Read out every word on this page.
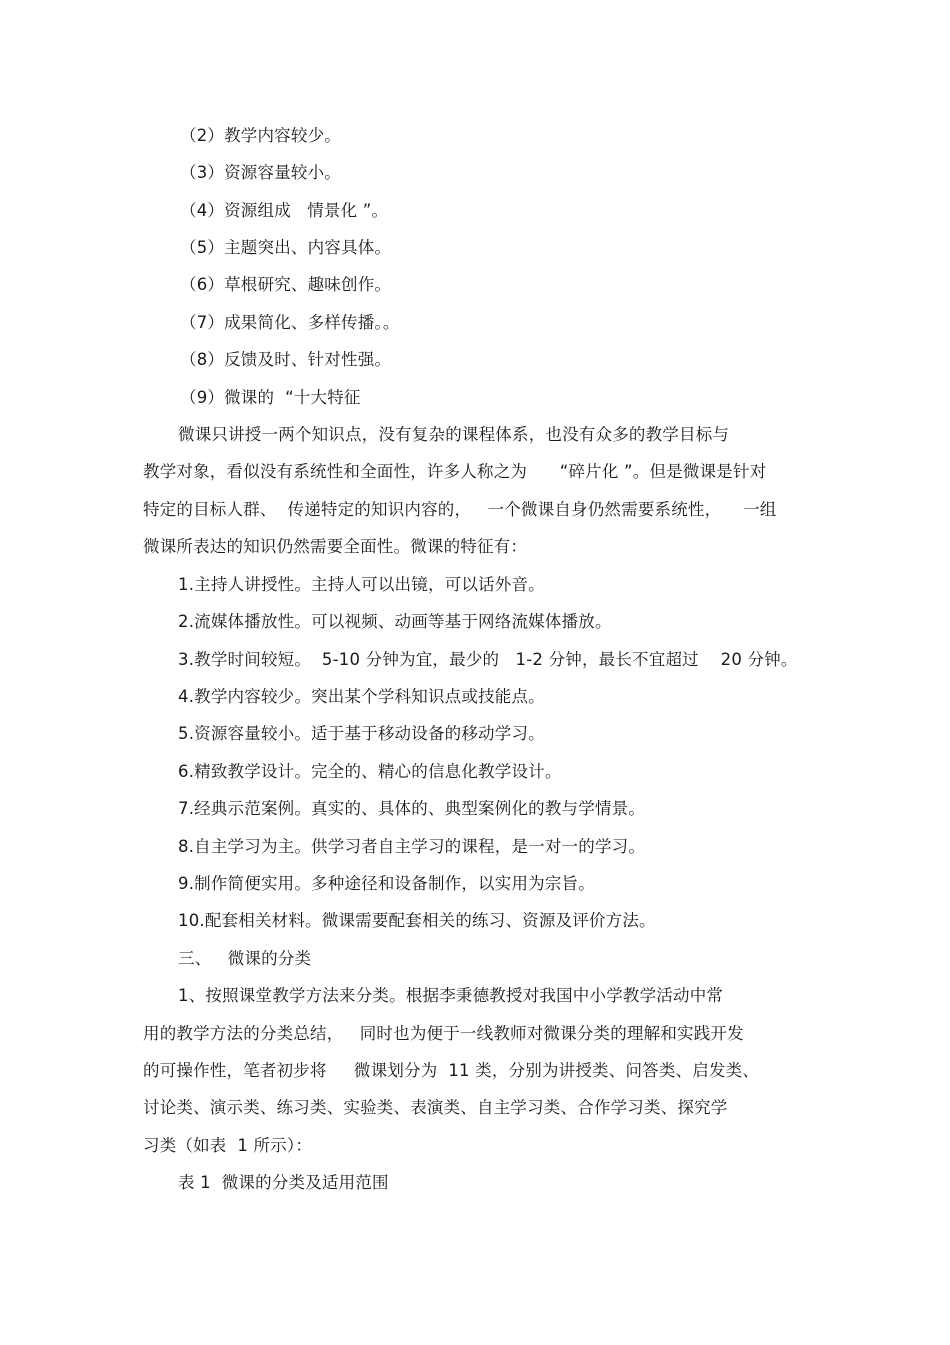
（2）教学内容较少。
（3）资源容量较小。
（4）资源组成   情景化 ”。
（5）主题突出、内容具体。
（6）草根研究、趣味创作。
（7）成果简化、多样传播。。
（8）反馈及时、针对性强。
（9）微课的  “十大特征
微课只讲授一两个知识点，没有复杂的课程体系，也没有众多的教学目标与
教学对象，看似没有系统性和全面性，许多人称之为      “碎片化 ”。但是微课是针对
特定的目标人群、  传递特定的知识内容的，   一个微课自身仍然需要系统性，    一组
微课所表达的知识仍然需要全面性。微课的特征有：
1.主持人讲授性。主持人可以出镜，可以话外音。
2.流媒体播放性。可以视频、动画等基于网络流媒体播放。
3.教学时间较短。  5-10 分钟为宜，最少的   1-2 分钟，最长不宜超过    20 分钟。
4.教学内容较少。突出某个学科知识点或技能点。
5.资源容量较小。适于基于移动设备的移动学习。
6.精致教学设计。完全的、精心的信息化教学设计。
7.经典示范案例。真实的、具体的、典型案例化的教与学情景。
8.自主学习为主。供学习者自主学习的课程，是一对一的学习。
9.制作简便实用。多种途径和设备制作，以实用为宗旨。
10.配套相关材料。微课需要配套相关的练习、资源及评价方法。
三、   微课的分类
1、按照课堂教学方法来分类。根据李秉德教授对我国中小学教学活动中常
用的教学方法的分类总结，   同时也为便于一线教师对微课分类的理解和实践开发
的可操作性，笔者初步将     微课划分为  11 类，分别为讲授类、问答类、启发类、
讨论类、演示类、练习类、实验类、表演类、自主学习类、合作学习类、探究学
习类（如表  1 所示）：
表 1  微课的分类及适用范围
